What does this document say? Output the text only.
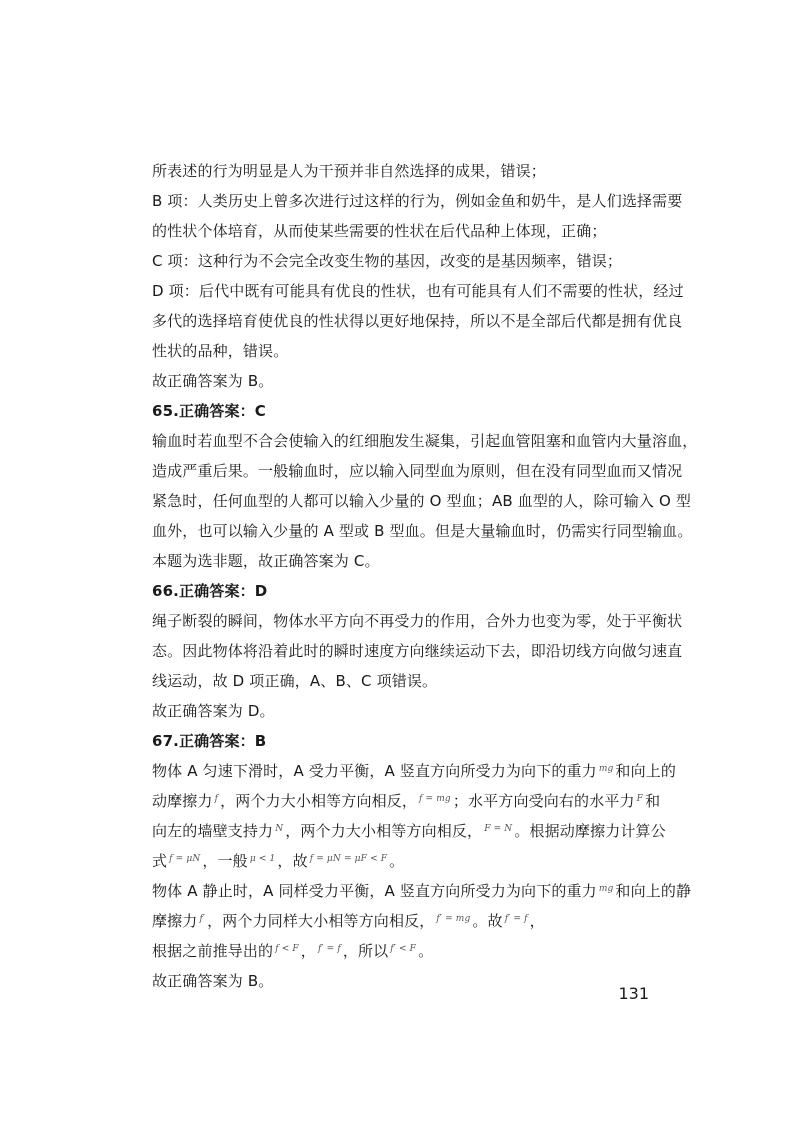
所表述的行为明显是人为干预并非自然选择的成果，错误；
B 项：人类历史上曾多次进行过这样的行为，例如金鱼和奶牛，是人们选择需要
的性状个体培育，从而使某些需要的性状在后代品种上体现，正确；
C 项：这种行为不会完全改变生物的基因，改变的是基因频率，错误；
D 项：后代中既有可能具有优良的性状，也有可能具有人们不需要的性状，经过
多代的选择培育使优良的性状得以更好地保持，所以不是全部后代都是拥有优良
性状的品种，错误。
故正确答案为 B。
65.正确答案：C
输血时若血型不合会使输入的红细胞发生凝集，引起血管阻塞和血管内大量溶血，
造成严重后果。一般输血时，应以输入同型血为原则，但在没有同型血而又情况
紧急时，任何血型的人都可以输入少量的 O 型血；AB 血型的人，除可输入 O 型
血外，也可以输入少量的 A 型或 B 型血。但是大量输血时，仍需实行同型输血。
本题为选非题，故正确答案为 C。
66.正确答案：D
绳子断裂的瞬间，物体水平方向不再受力的作用，合外力也变为零，处于平衡状
态。因此物体将沿着此时的瞬时速度方向继续运动下去，即沿切线方向做匀速直
线运动，故 D 项正确，A、B、C 项错误。
故正确答案为 D。
67.正确答案：B
物体 A 匀速下滑时，A 受力平衡，A 竖直方向所受力为向下的重力 $^{mg}$ 和向上的
动摩擦力 $^f$ ，两个力大小相等方向相反， $^{f = mg}$ ；水平方向受向右的水平力 $^F$ 和
向左的墙壁支持力 $^N$ ，两个力大小相等方向相反， $^{F = N}$ 。根据动摩擦力计算公
式 $^{f = \mu N}$ ，一般 $^{\mu < 1}$ ，故 $^{f = \mu N = \mu F < F}$ 。
物体 A 静止时，A 同样受力平衡，A 竖直方向所受力为向下的重力 $^{mg}$ 和向上的静
摩擦力 $^{f'}$ ，两个力同样大小相等方向相反， $^{f' = mg}$ 。故 $^{f' = f}$ ，
根据之前推导出的 $^{f < F}$ ， $^{f' = f}$ ，所以 $^{f' < F}$ 。
故正确答案为 B。
131
